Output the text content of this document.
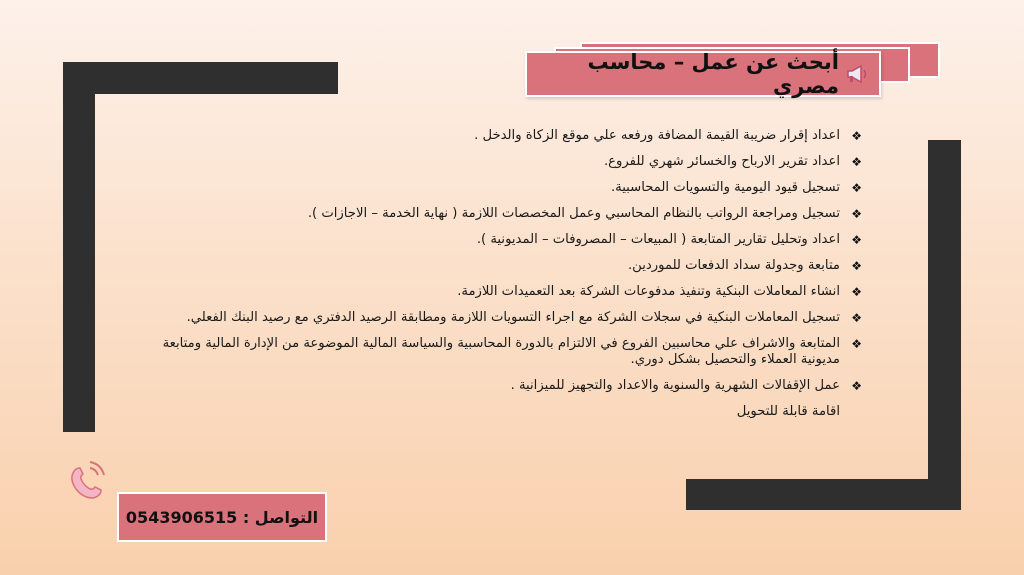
أبحث عن عمل – محاسب مصري
❖
اعداد إقرار ضريبة القيمة المضافة ورفعه علي موقع الزكاة والدخل .
❖
اعداد تقرير الارباح والخسائر شهري للفروع.
❖
تسجيل قيود اليومية والتسويات المحاسبية.
❖
تسجيل ومراجعة الرواتب بالنظام المحاسبي وعمل المخصصات اللازمة ( نهاية الخدمة – الاجازات ).
❖
اعداد وتحليل تقارير المتابعة ( المبيعات – المصروفات – المديونية ).
❖
متابعة وجدولة سداد الدفعات للموردين.
❖
انشاء المعاملات البنكية وتنفيذ مدفوعات الشركة بعد التعميدات اللازمة.
❖
تسجيل المعاملات البنكية في سجلات الشركة مع اجراء التسويات اللازمة ومطابقة الرصيد الدفتري مع رصيد البنك الفعلي.
❖
المتابعة والاشراف علي محاسبين الفروع في الالتزام بالدورة المحاسبية والسياسة المالية الموضوعة من الإدارة المالية ومتابعة مديونية العملاء والتحصيل بشكل دوري.
❖
عمل الإقفالات الشهرية والسنوية والاعداد والتجهيز للميزانية .
اقامة قابلة للتحويل
التواصل : 0543906515
